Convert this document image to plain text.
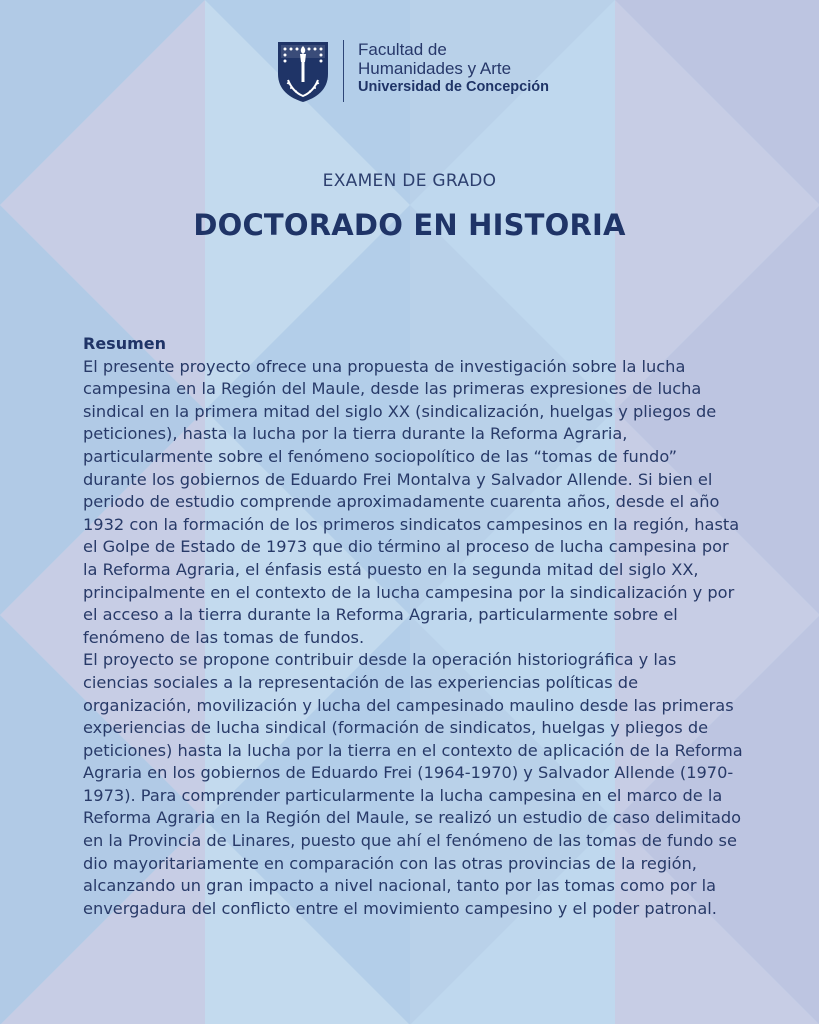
Facultad de
Humanidades y Arte
Universidad de Concepción
EXAMEN DE GRADO
DOCTORADO EN HISTORIA
Resumen

El presente proyecto ofrece una propuesta de investigación sobre la lucha campesina en la Región del Maule, desde las primeras expresiones de lucha sindical en la primera mitad del siglo XX (sindicalización, huelgas y pliegos de peticiones), hasta la lucha por la tierra durante la Reforma Agraria, particularmente sobre el fenómeno sociopolítico de las “tomas de fundo” durante los gobiernos de Eduardo Frei Montalva y Salvador Allende. Si bien el periodo de estudio comprende aproximadamente cuarenta años, desde el año 1932 con la formación de los primeros sindicatos campesinos en la región, hasta el Golpe de Estado de 1973 que dio término al proceso de lucha campesina por la Reforma Agraria, el énfasis está puesto en la segunda mitad del siglo XX, principalmente en el contexto de la lucha campesina por la sindicalización y por el acceso a la tierra durante la Reforma Agraria, particularmente sobre el fenómeno de las tomas de fundos.

El proyecto se propone contribuir desde la operación historiográfica y las ciencias sociales a la representación de las experiencias políticas de organización, movilización y lucha del campesinado maulino desde las primeras experiencias de lucha sindical (formación de sindicatos, huelgas y pliegos de peticiones) hasta la lucha por la tierra en el contexto de aplicación de la Reforma Agraria en los gobiernos de Eduardo Frei (1964-1970) y Salvador Allende (1970-1973). Para comprender particularmente la lucha campesina en el marco de la Reforma Agraria en la Región del Maule, se realizó un estudio de caso delimitado en la Provincia de Linares, puesto que ahí el fenómeno de las tomas de fundo se dio mayoritariamente en comparación con las otras provincias de la región, alcanzando un gran impacto a nivel nacional, tanto por las tomas como por la envergadura del conflicto entre el movimiento campesino y el poder patronal.
